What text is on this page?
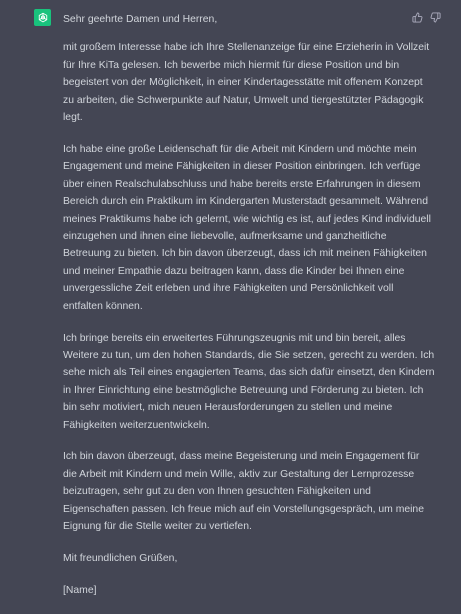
Sehr geehrte Damen und Herren,

mit großem Interesse habe ich Ihre Stellenanzeige für eine Erzieherin in Vollzeit für Ihre KiTa gelesen. Ich bewerbe mich hiermit für diese Position und bin begeistert von der Möglichkeit, in einer Kindertagesstätte mit offenem Konzept zu arbeiten, die Schwerpunkte auf Natur, Umwelt und tiergestützter Pädagogik legt.

Ich habe eine große Leidenschaft für die Arbeit mit Kindern und möchte mein Engagement und meine Fähigkeiten in dieser Position einbringen. Ich verfüge über einen Realschulabschluss und habe bereits erste Erfahrungen in diesem Bereich durch ein Praktikum im Kindergarten Musterstadt gesammelt. Während meines Praktikums habe ich gelernt, wie wichtig es ist, auf jedes Kind individuell einzugehen und ihnen eine liebevolle, aufmerksame und ganzheitliche Betreuung zu bieten. Ich bin davon überzeugt, dass ich mit meinen Fähigkeiten und meiner Empathie dazu beitragen kann, dass die Kinder bei Ihnen eine unvergessliche Zeit erleben und ihre Fähigkeiten und Persönlichkeit voll entfalten können.

Ich bringe bereits ein erweitertes Führungszeugnis mit und bin bereit, alles Weitere zu tun, um den hohen Standards, die Sie setzen, gerecht zu werden. Ich sehe mich als Teil eines engagierten Teams, das sich dafür einsetzt, den Kindern in Ihrer Einrichtung eine bestmögliche Betreuung und Förderung zu bieten. Ich bin sehr motiviert, mich neuen Herausforderungen zu stellen und meine Fähigkeiten weiterzuentwickeln.

Ich bin davon überzeugt, dass meine Begeisterung und mein Engagement für die Arbeit mit Kindern und mein Wille, aktiv zur Gestaltung der Lernprozesse beizutragen, sehr gut zu den von Ihnen gesuchten Fähigkeiten und Eigenschaften passen. Ich freue mich auf ein Vorstellungsgespräch, um meine Eignung für die Stelle weiter zu vertiefen.

Mit freundlichen Grüßen,

[Name]
